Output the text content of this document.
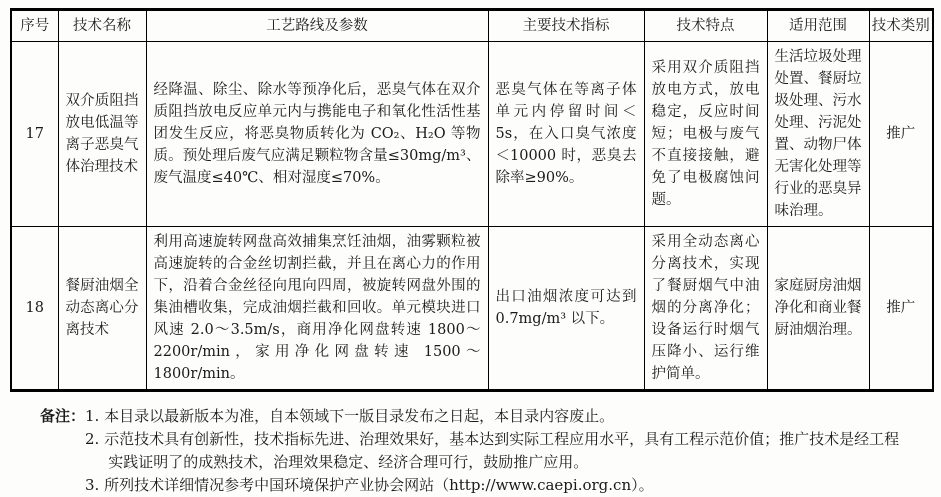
序号	技术名称	工艺路线及参数	主要技术指标	技术特点	适用范围	技术类别
17	双介质阻挡放电低温等离子恶臭气体治理技术	经降温、除尘、除水等预净化后，恶臭气体在双介质阻挡放电反应单元内与携能电子和氧化性活性基团发生反应，将恶臭物质转化为 CO₂、H₂O 等物质。预处理后废气应满足颗粒物含量≤30mg/m³、废气温度≤40℃、相对湿度≤70%。	恶臭气体在等离子体单元内停留时间＜5s，在入口臭气浓度＜10000 时，恶臭去除率≥90%。	采用双介质阻挡放电方式，放电稳定，反应时间短；电极与废气不直接接触，避免了电极腐蚀问题。	生活垃圾处理处置、餐厨垃圾处理、污水处理、污泥处置、动物尸体无害化处理等行业的恶臭异味治理。	推广
18	餐厨油烟全动态离心分离技术	利用高速旋转网盘高效捕集烹饪油烟，油雾颗粒被高速旋转的合金丝切割拦截，并且在离心力的作用下，沿着合金丝径向甩向四周，被旋转网盘外围的集油槽收集，完成油烟拦截和回收。单元模块进口风速 2.0～3.5m/s，商用净化网盘转速 1800～2200r/min，家用净化网盘转速 1500～1800r/min。	出口油烟浓度可达到 0.7mg/m³ 以下。	采用全动态离心分离技术，实现了餐厨烟气中油烟的分离净化；设备运行时烟气压降小、运行维护简单。	家庭厨房油烟净化和商业餐厨油烟治理。	推广
备注： 1. 本目录以最新版本为准，自本领域下一版目录发布之日起，本目录内容废止。
2. 示范技术具有创新性，技术指标先进、治理效果好，基本达到实际工程应用水平，具有工程示范价值；推广技术是经工程实践证明了的成熟技术，治理效果稳定、经济合理可行，鼓励推广应用。
3. 所列技术详细情况参考中国环境保护产业协会网站（http://www.caepi.org.cn）。
